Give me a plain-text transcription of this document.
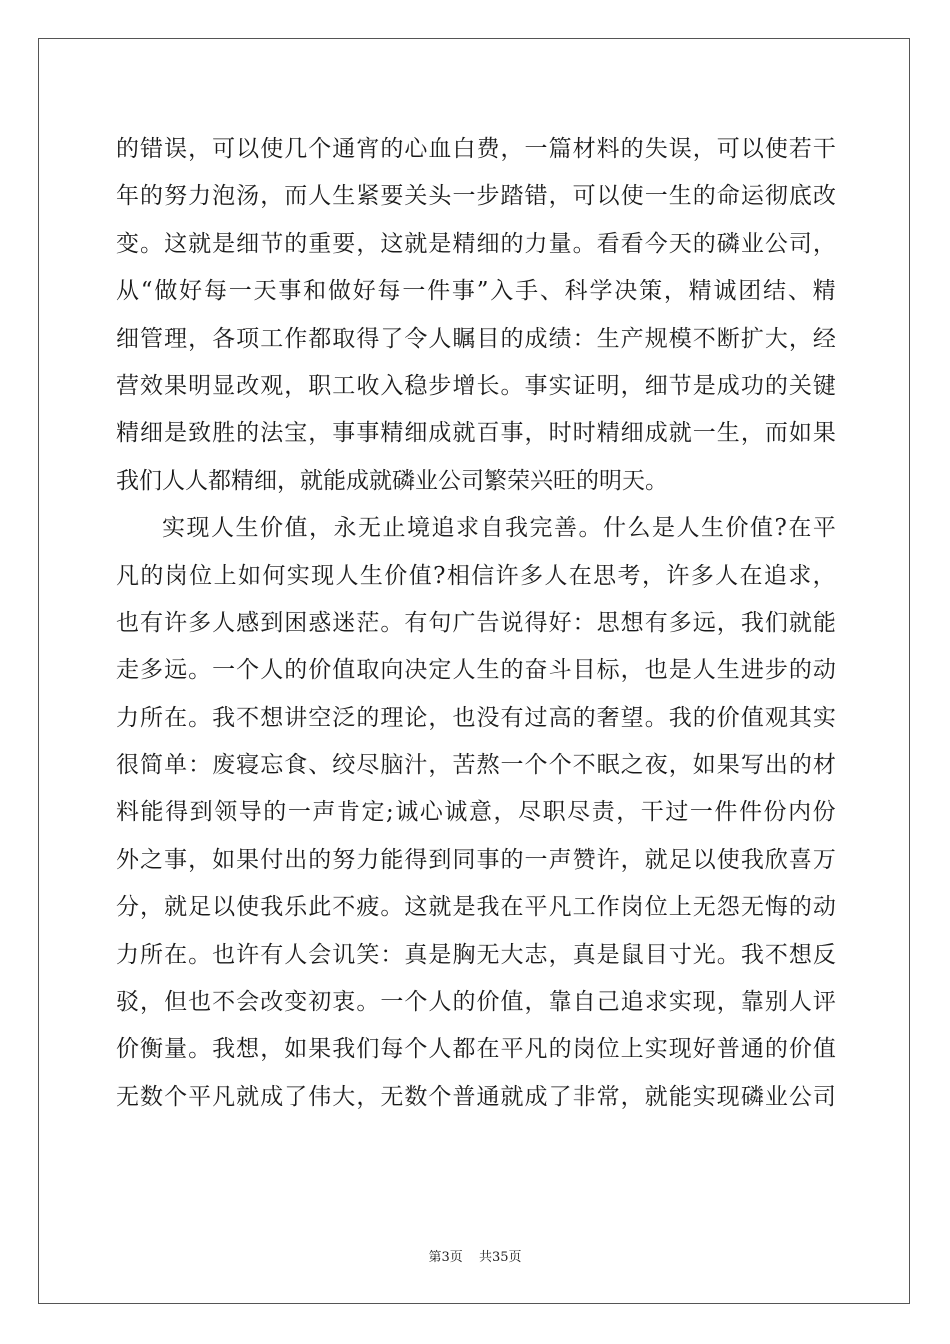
的 错 误 ， 可 以 使 几 个 通 宵 的 心 血 白 费 ， 一 篇 材 料 的 失 误 ， 可 以 使 若 干
年 的 努 力 泡 汤 ， 而 人 生 紧 要 关 头 一 步 踏 错 ， 可 以 使 一 生 的 命 运 彻 底 改
变 。 这 就 是 细 节 的 重 要 ， 这 就 是 精 细 的 力 量 。 看 看 今 天 的 磷 业 公 司 ，
从 “ 做 好 每 一 天 事 和 做 好 每 一 件 事 ” 入 手 、 科 学 决 策 ， 精 诚 团 结 、 精
细 管 理 ， 各 项 工 作 都 取 得 了 令 人 瞩 目 的 成 绩 ： 生 产 规 模 不 断 扩 大 ， 经
营 效 果 明 显 改 观 ， 职 工 收 入 稳 步 增 长 。 事 实 证 明 ， 细 节 是 成 功 的 关 键
精 细 是 致 胜 的 法 宝 ， 事 事 精 细 成 就 百 事 ， 时 时 精 细 成 就 一 生 ， 而 如 果
我们人人都精细，就能成就磷业公司繁荣兴旺的明天。
实 现 人 生 价 值 ， 永 无 止 境 追 求 自 我 完 善 。 什 么 是 人 生 价 值 ? 在 平
凡 的 岗 位 上 如 何 实 现 人 生 价 值 ? 相 信 许 多 人 在 思 考 ， 许 多 人 在 追 求 ，
也 有 许 多 人 感 到 困 惑 迷 茫 。 有 句 广 告 说 得 好 ： 思 想 有 多 远 ， 我 们 就 能
走 多 远 。 一 个 人 的 价 值 取 向 决 定 人 生 的 奋 斗 目 标 ， 也 是 人 生 进 步 的 动
力 所 在 。 我 不 想 讲 空 泛 的 理 论 ， 也 没 有 过 高 的 奢 望 。 我 的 价 值 观 其 实
很 简 单 ： 废 寝 忘 食 、 绞 尽 脑 汁 ， 苦 熬 一 个 个 不 眠 之 夜 ， 如 果 写 出 的 材
料 能 得 到 领 导 的 一 声 肯 定 ; 诚 心 诚 意 ， 尽 职 尽 责 ， 干 过 一 件 件 份 内 份
外 之 事 ， 如 果 付 出 的 努 力 能 得 到 同 事 的 一 声 赞 许 ， 就 足 以 使 我 欣 喜 万
分 ， 就 足 以 使 我 乐 此 不 疲 。 这 就 是 我 在 平 凡 工 作 岗 位 上 无 怨 无 悔 的 动
力 所 在 。 也 许 有 人 会 讥 笑 ： 真 是 胸 无 大 志 ， 真 是 鼠 目 寸 光 。 我 不 想 反
驳 ， 但 也 不 会 改 变 初 衷 。 一 个 人 的 价 值 ， 靠 自 己 追 求 实 现 ， 靠 别 人 评
价 衡 量 。 我 想 ， 如 果 我 们 每 个 人 都 在 平 凡 的 岗 位 上 实 现 好 普 通 的 价 值
无 数 个 平 凡 就 成 了 伟 大 ， 无 数 个 普 通 就 成 了 非 常 ， 就 能 实 现 磷 业 公 司
第3页 共35页
